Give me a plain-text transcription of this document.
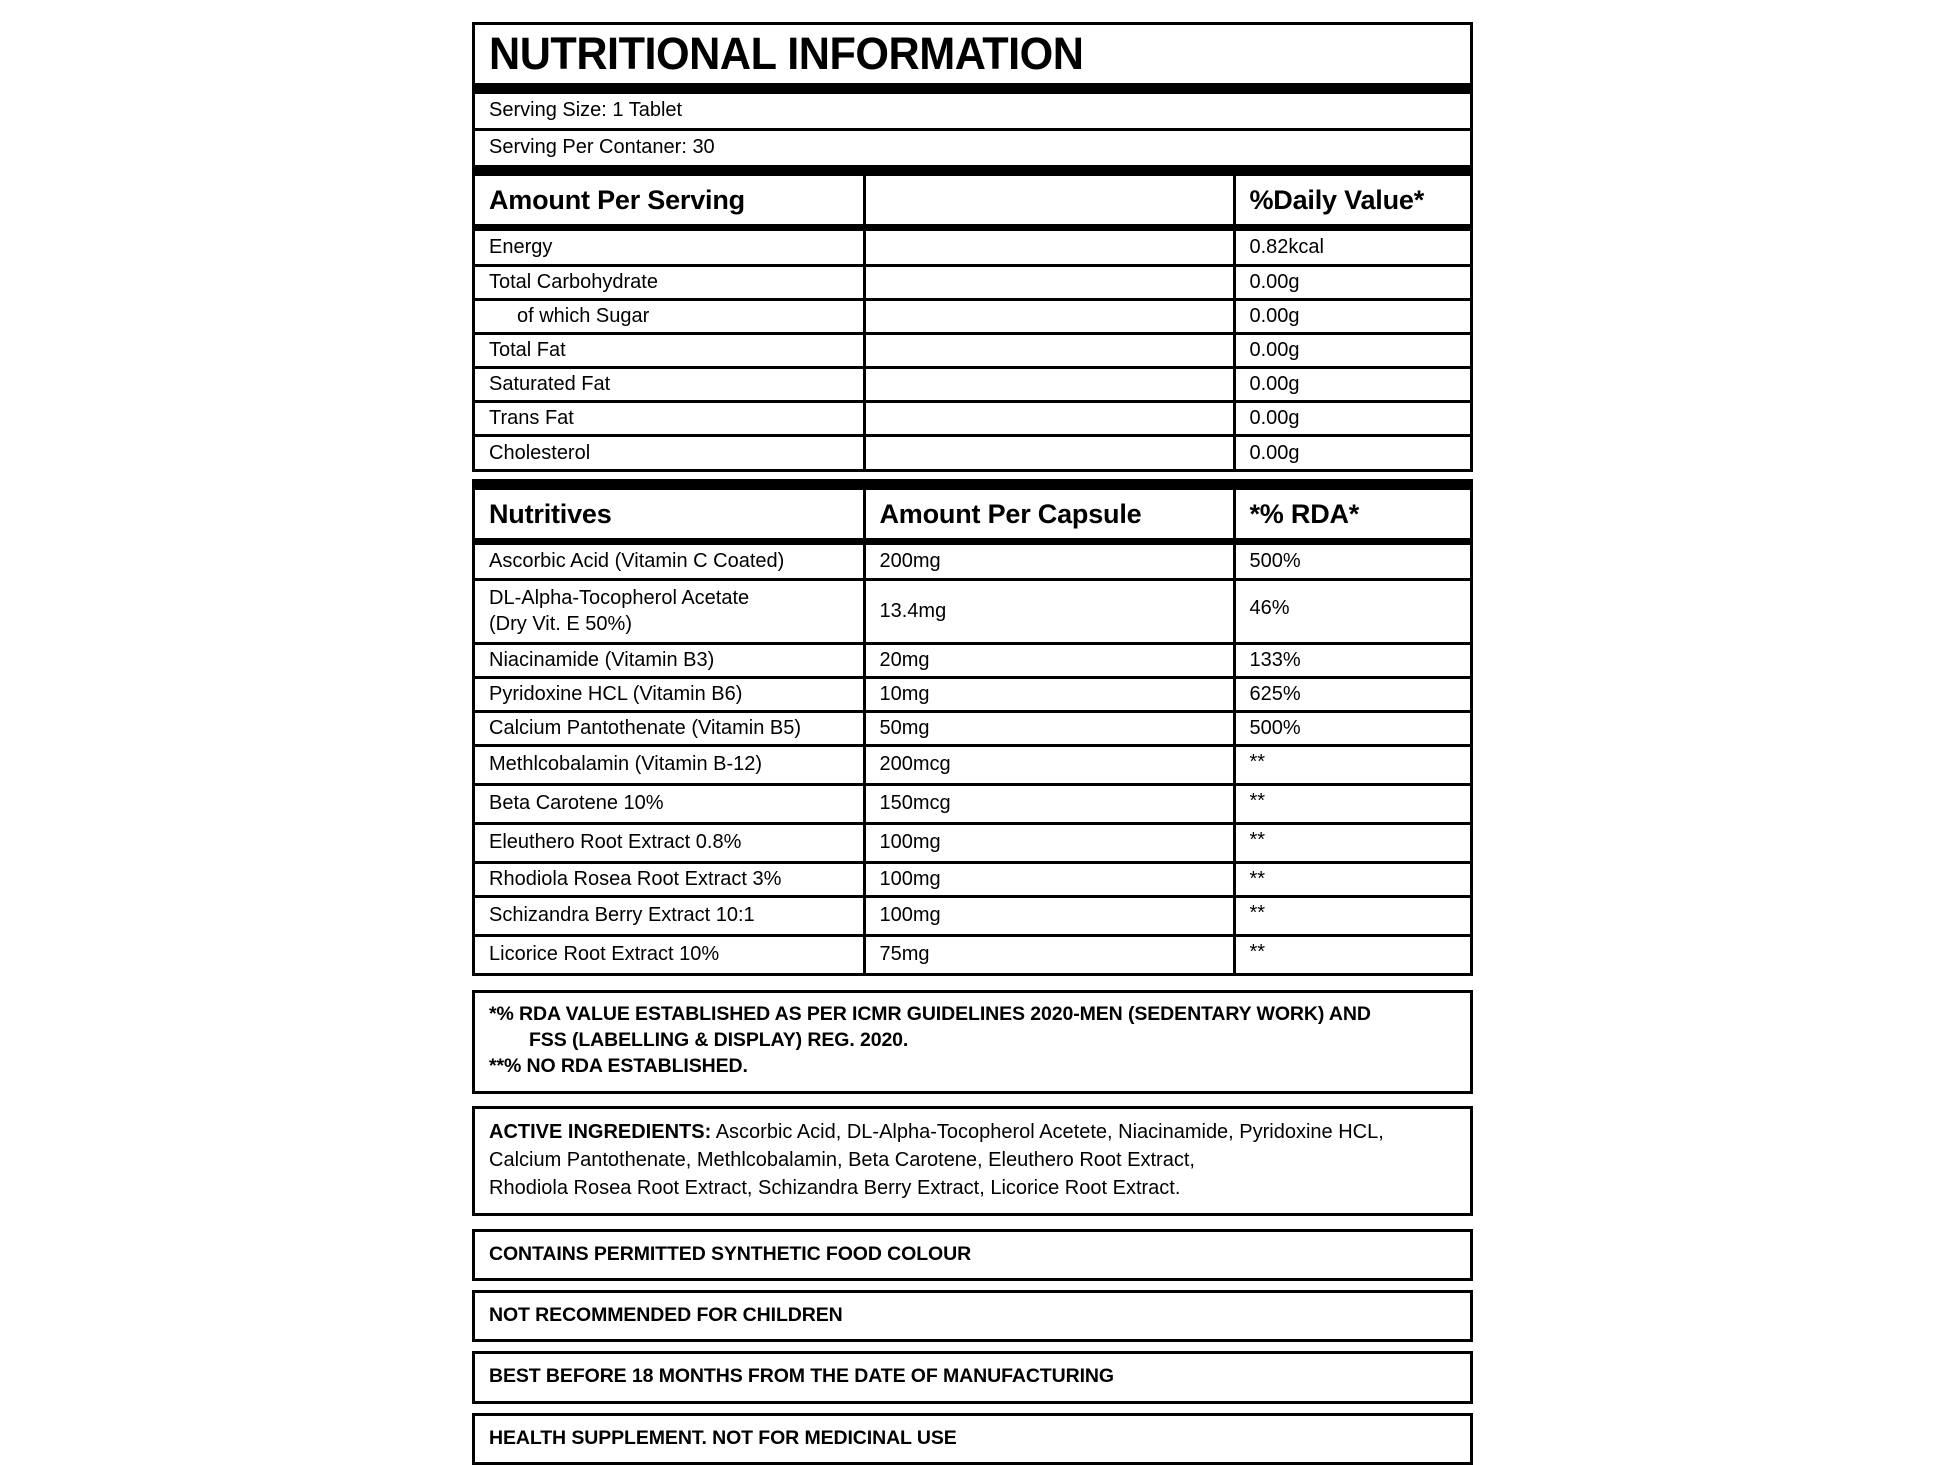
NUTRITIONAL INFORMATION
Serving Size: 1 Tablet
Serving Per Contaner: 30
Amount Per Serving		%Daily Value*
Energy		0.82kcal
Total Carbohydrate		0.00g
of which Sugar		0.00g
Total Fat		0.00g
Saturated Fat		0.00g
Trans Fat		0.00g
Cholesterol		0.00g
Nutritives	Amount Per Capsule	*% RDA*
Ascorbic Acid (Vitamin C Coated)	200mg	500%
DL-Alpha-Tocopherol Acetate
(Dry Vit. E 50%)	13.4mg	46%
Niacinamide (Vitamin B3)	20mg	133%
Pyridoxine HCL (Vitamin B6)	10mg	625%
Calcium Pantothenate (Vitamin B5)	50mg	500%
Methlcobalamin (Vitamin B-12)	200mcg	**
Beta Carotene 10%	150mcg	**
Eleuthero Root Extract 0.8%	100mg	**
Rhodiola Rosea Root Extract 3%	100mg	**
Schizandra Berry Extract 10:1	100mg	**
Licorice Root Extract 10%	75mg	**
*% RDA VALUE ESTABLISHED AS PER ICMR GUIDELINES 2020-MEN (SEDENTARY WORK) AND
FSS (LABELLING & DISPLAY) REG. 2020.
**% NO RDA ESTABLISHED.
ACTIVE INGREDIENTS: Ascorbic Acid, DL-Alpha-Tocopherol Acetete, Niacinamide, Pyridoxine HCL,
Calcium Pantothenate, Methlcobalamin, Beta Carotene, Eleuthero Root Extract,
Rhodiola Rosea Root Extract, Schizandra Berry Extract, Licorice Root Extract.
CONTAINS PERMITTED SYNTHETIC FOOD COLOUR
NOT RECOMMENDED FOR CHILDREN
BEST BEFORE 18 MONTHS FROM THE DATE OF MANUFACTURING
HEALTH SUPPLEMENT. NOT FOR MEDICINAL USE
